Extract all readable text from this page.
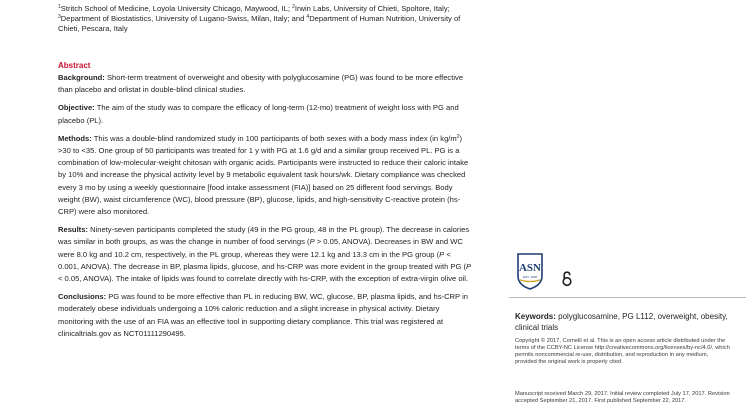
$^1$Stritch School of Medicine, Loyola University Chicago, Maywood, IL; $^2$Irwin Labs, University of Chieti, Spoltore, Italy; $^3$Department of Biostatistics, University of Lugano-Swiss, Milan, Italy; and $^4$Department of Human Nutrition, University of Chieti, Pescara, Italy
Abstract

Background: Short-term treatment of overweight and obesity with polyglucosamine (PG) was found to be more effective than placebo and orlistat in double-blind clinical studies.

Objective: The aim of the study was to compare the efficacy of long-term (12-mo) treatment of weight loss with PG and placebo (PL).

Methods: This was a double-blind randomized study in 100 participants of both sexes with a body mass index (in $kg/m^2) >30$ to <35. One group of 50 participants was treated for 1 y with PG at 1.6 g/d and a similar group received PL. PG is a combination of low-molecular-weight chitosan with organic acids. Participants were instructed to reduce their caloric intake by 10% and increase the physical activity level by 9 metabolic equivalent task hours/wk. Dietary compliance was checked every 3 mo by using a weekly questionnaire [food intake assessment (FIA)] based on 25 different food servings. Body weight (BW), waist circumference (WC), blood pressure (BP), glucose, lipids, and high-sensitivity C-reactive protein (hs-CRP) were also monitored.

Results: Ninety-seven participants completed the study (49 in the PG group, 48 in the PL group). The decrease in calories was similar in both groups, as was the change in number of food servings (P > 0.05, ANOVA). Decreases in BW and WC were 8.0 kg and 10.2 cm, respectively, in the PL group, whereas they were 12.1 kg and 13.3 cm in the PG group (P < 0.001, ANOVA). The decrease in BP, plasma lipids, glucose, and hs-CRP was more evident in the group treated with PG (P < 0.05, ANOVA). The intake of lipids was found to correlate directly with hs-CRP, with the exception of extra-virgin olive oil.

Conclusions: PG was found to be more effective than PL in reducing BW, WC, glucose, BP, plasma lipids, and hs-CRP in moderately obese individuals undergoing a 10% caloric reduction and a slight increase in physical activity. Dietary monitoring with the use of an FIA was an effective tool in supporting dietary compliance. This trial was registered at clinicaltrials.gov as NCT01111290495.

ASN
EST. 1928
Keywords: polyglucosamine, PG L112, overweight, obesity, clinical trials
Copyright © 2017, Cornelli et al. This is an open access article distributed under the terms of the CCBY-NC License http://creativecommons.org/licenses/by-nc/4.0/, which permits noncommercial re-use, distribution, and reproduction in any medium, provided the original work is properly cited.
Manuscript received March 29, 2017. Initial review completed July 17, 2017. Revision accepted September 21, 2017. First published September 22, 2017.
